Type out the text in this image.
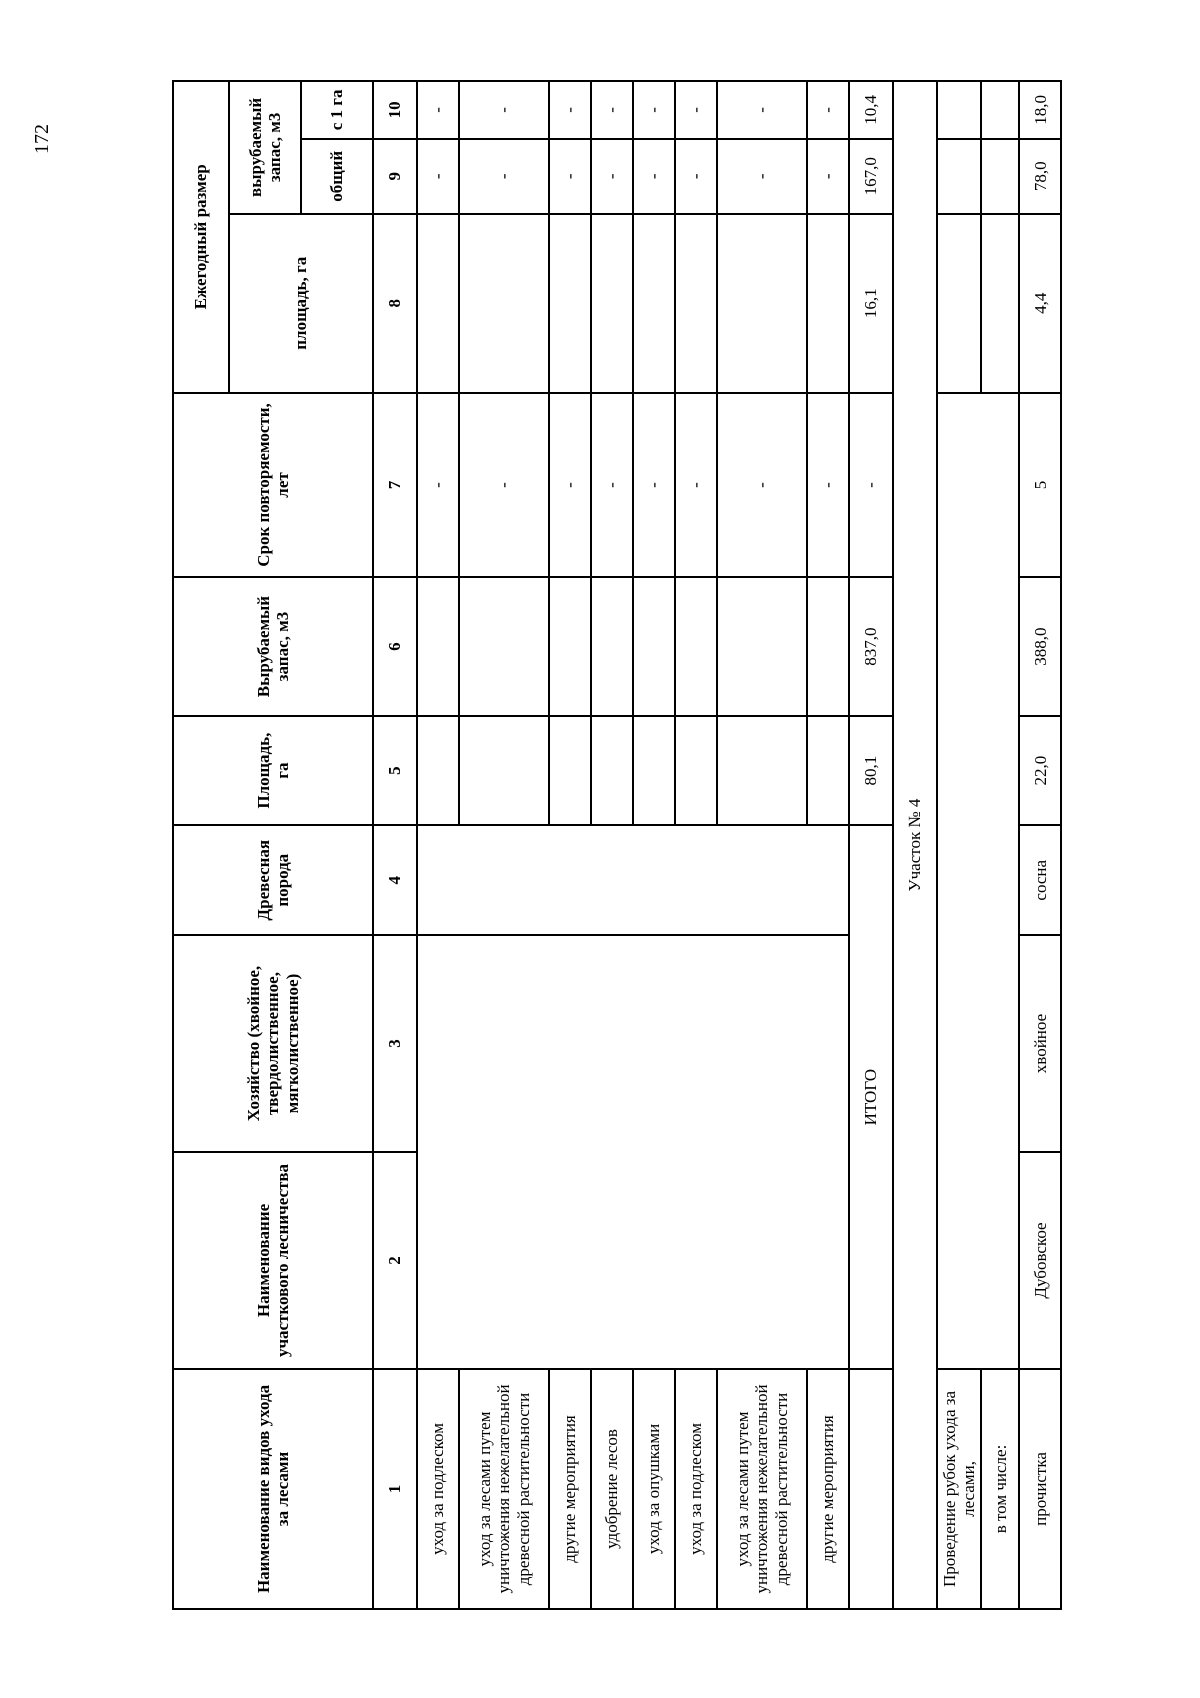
172
Наименование видов ухода за лесами	Наименование участкового лесничества	Хозяйство (хвойное, твердолиственное, мягколиственное)	Древесная порода	Площадь, га	Вырубаемый запас, м3	Срок повторяемости, лет	Ежегодный размер		
							площадь, га	вырубаемый запас, м3	
								общий	с 1 га
1	2	3	4	5	6	7	8	9	10
уход за подлеском						-		-	-
уход за лесами путем уничтожения нежелательной древесной растительности						-		-	-
другие мероприятия						-		-	-
удобрение лесов						-		-	-
уход за опушками						-		-	-
уход за подлеском						-		-	-
уход за лесами путем уничтожения нежелательной древесной растительности						-		-	-
другие мероприятия						-		-	-
	ИТОГО			80,1	837,0	-	16,1	167,0	10,4
Участок № 4									
Проведение рубок ухода за лесами,									
в том числе:									
прочистка	Дубовское	хвойное	сосна	22,0	388,0	5	4,4	78,0	18,0
